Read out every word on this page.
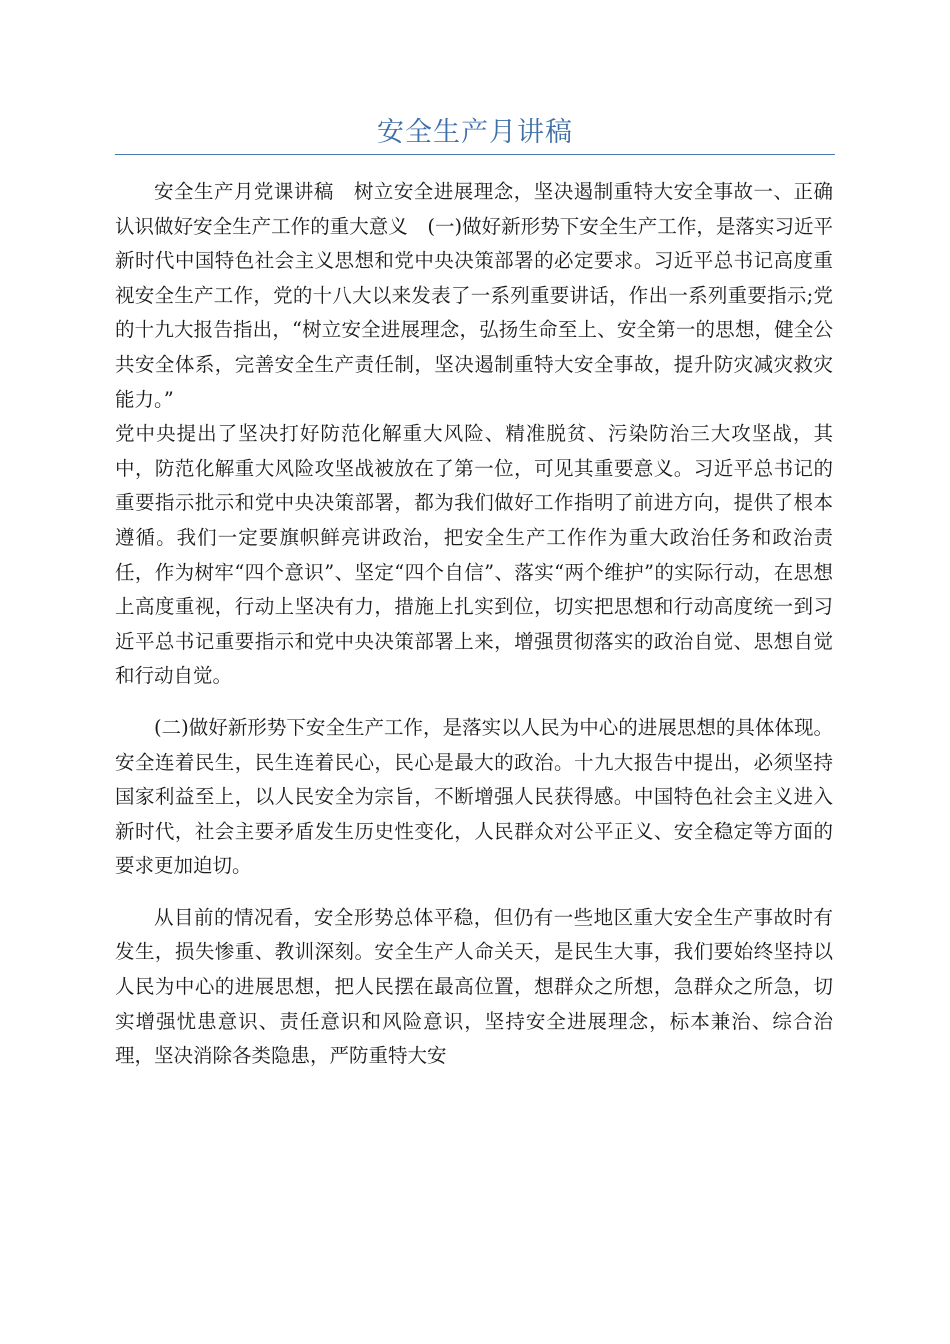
安全生产月讲稿

安全生产月党课讲稿　树立安全进展理念，坚决遏制重特大安全事故一、正确认识做好安全生产工作的重大意义　(一)做好新形势下安全生产工作，是落实习近平新时代中国特色社会主义思想和党中央决策部署的必定要求。习近平总书记高度重视安全生产工作，党的十八大以来发表了一系列重要讲话，作出一系列重要指示;党的十九大报告指出，“树立安全进展理念，弘扬生命至上、安全第一的思想，健全公共安全体系，完善安全生产责任制，坚决遏制重特大安全事故，提升防灾减灾救灾能力。”

党中央提出了坚决打好防范化解重大风险、精准脱贫、污染防治三大攻坚战，其中，防范化解重大风险攻坚战被放在了第一位，可见其重要意义。习近平总书记的重要指示批示和党中央决策部署，都为我们做好工作指明了前进方向，提供了根本遵循。我们一定要旗帜鲜亮讲政治，把安全生产工作作为重大政治任务和政治责任，作为树牢“四个意识”、坚定“四个自信”、落实“两个维护”的实际行动，在思想上高度重视，行动上坚决有力，措施上扎实到位，切实把思想和行动高度统一到习近平总书记重要指示和党中央决策部署上来，增强贯彻落实的政治自觉、思想自觉和行动自觉。

(二)做好新形势下安全生产工作，是落实以人民为中心的进展思想的具体体现。安全连着民生，民生连着民心，民心是最大的政治。十九大报告中提出，必须坚持国家利益至上，以人民安全为宗旨，不断增强人民获得感。中国特色社会主义进入新时代，社会主要矛盾发生历史性变化，人民群众对公平正义、安全稳定等方面的要求更加迫切。

从目前的情况看，安全形势总体平稳，但仍有一些地区重大安全生产事故时有发生，损失惨重、教训深刻。安全生产人命关天，是民生大事，我们要始终坚持以人民为中心的进展思想，把人民摆在最高位置，想群众之所想，急群众之所急，切实增强忧患意识、责任意识和风险意识，坚持安全进展理念，标本兼治、综合治理，坚决消除各类隐患，严防重特大安
